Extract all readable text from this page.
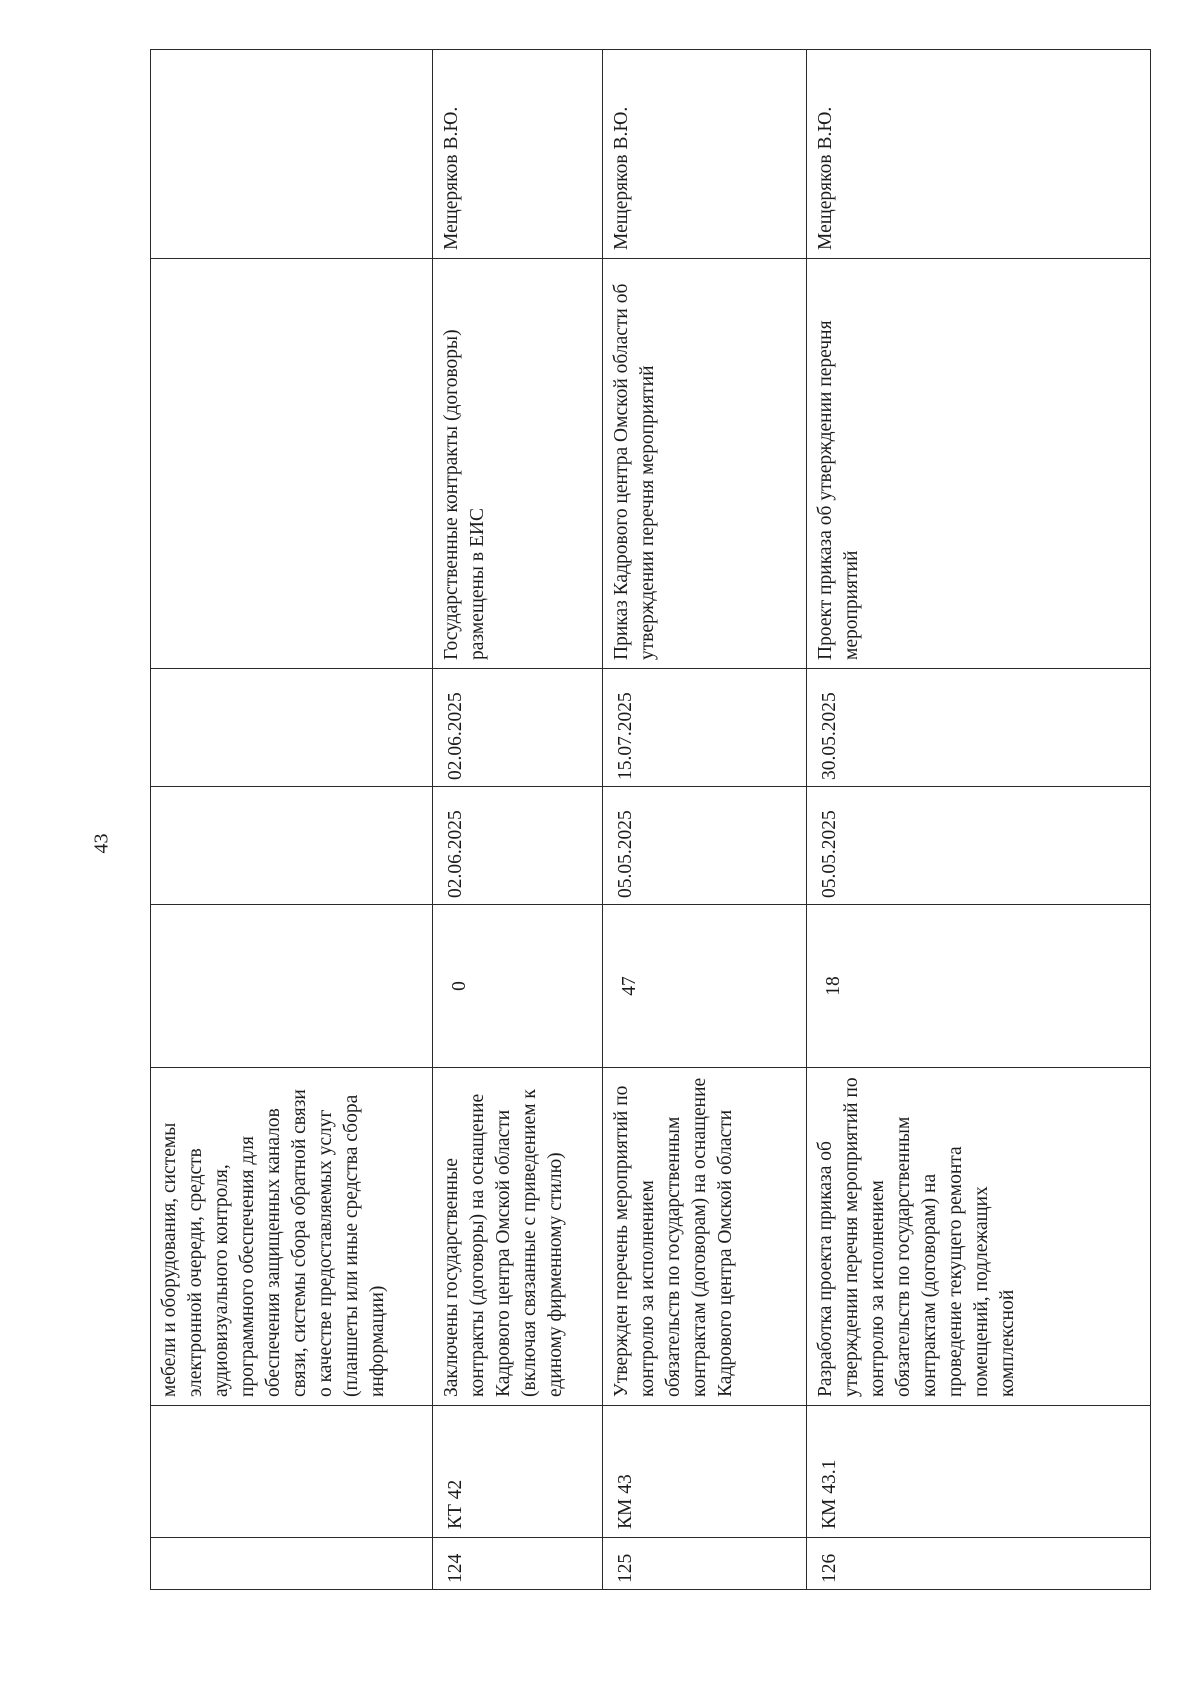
43
		мебели и оборудования, системы электронной очереди, средств аудиовизуального контроля, программного обеспечения для обеспечения защищенных каналов связи, системы сбора обратной связи о качестве предоставляемых услуг (планшеты или иные средства сбора информации)					
124	КТ 42	Заключены государственные контракты (договоры) на оснащение Кадрового центра Омской области (включая связанные с приведением к единому фирменному стилю)	0	02.06.2025	02.06.2025	Государственные контракты (договоры) размещены в ЕИС	Мещеряков В.Ю.
125	КМ 43	Утвержден перечень мероприятий по контролю за исполнением обязательств по государственным контрактам (договорам) на оснащение Кадрового центра Омской области	47	05.05.2025	15.07.2025	Приказ Кадрового центра Омской области об утверждении перечня мероприятий	Мещеряков В.Ю.
126	КМ 43.1	Разработка проекта приказа об утверждении перечня мероприятий по контролю за исполнением обязательств по государственным контрактам (договорам) на проведение текущего ремонта помещений, подлежащих комплексной	18	05.05.2025	30.05.2025	Проект приказа об утверждении перечня мероприятий	Мещеряков В.Ю.
